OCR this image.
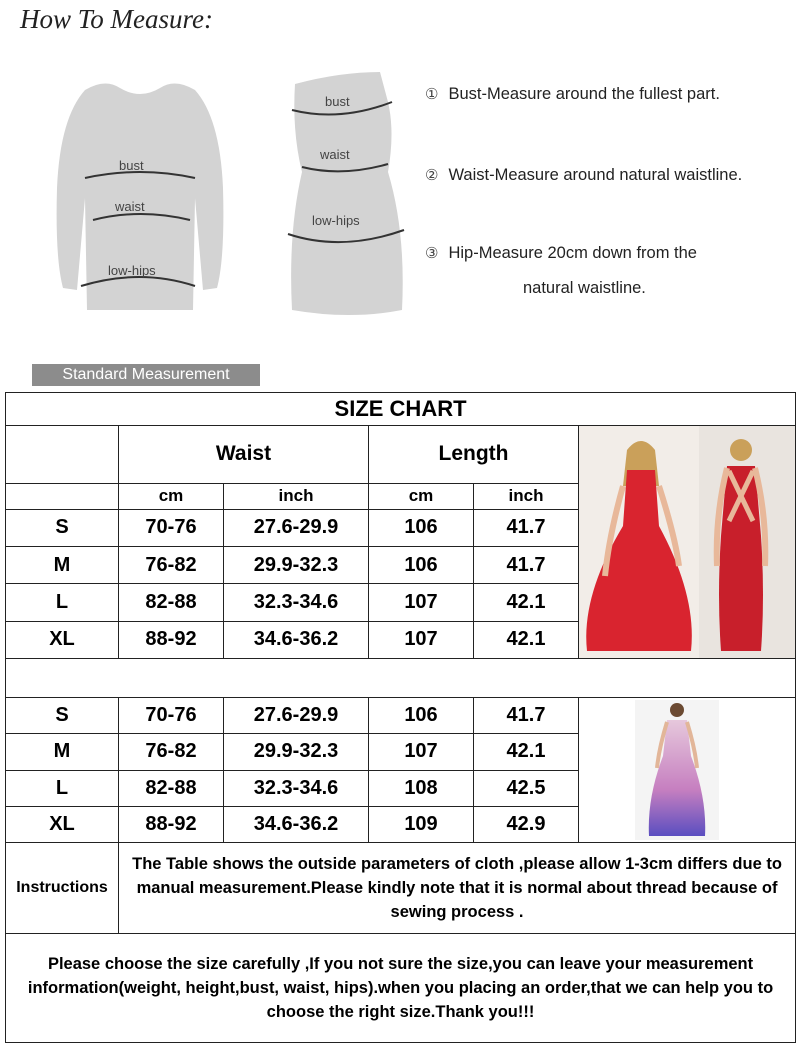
How To Measure:
bust
waist
low-hips
bust
waist
low-hips
① Bust-Measure around the fullest part.
② Waist-Measure around natural waistline.
③ Hip-Measure 20cm down from the
natural waistline.
Standard Measurement
SIZE CHART					
	Waist		Length	

	cm	inch	cm	inch	
S	70-76	27.6-29.9	106	41.7	
M	76-82	29.9-32.3	106	41.7	
L	82-88	32.3-34.6	107	42.1	
XL	88-92	34.6-36.2	107	42.1	

S	70-76	27.6-29.9	106	41.7	

M	76-82	29.9-32.3	107	42.1	
L	82-88	32.3-34.6	108	42.5	
XL	88-92	34.6-36.2	109	42.9	
Instructions	The Table shows the outside parameters of cloth ,please allow 1-3cm differs due to manual measurement.Please kindly note that it is normal about thread because of sewing process .				
Please choose the size carefully ,If you not sure the size,you can leave your measurement information(weight, height,bust, waist, hips).when you placing an order,that we can help you to choose the right size.Thank you!!!					
